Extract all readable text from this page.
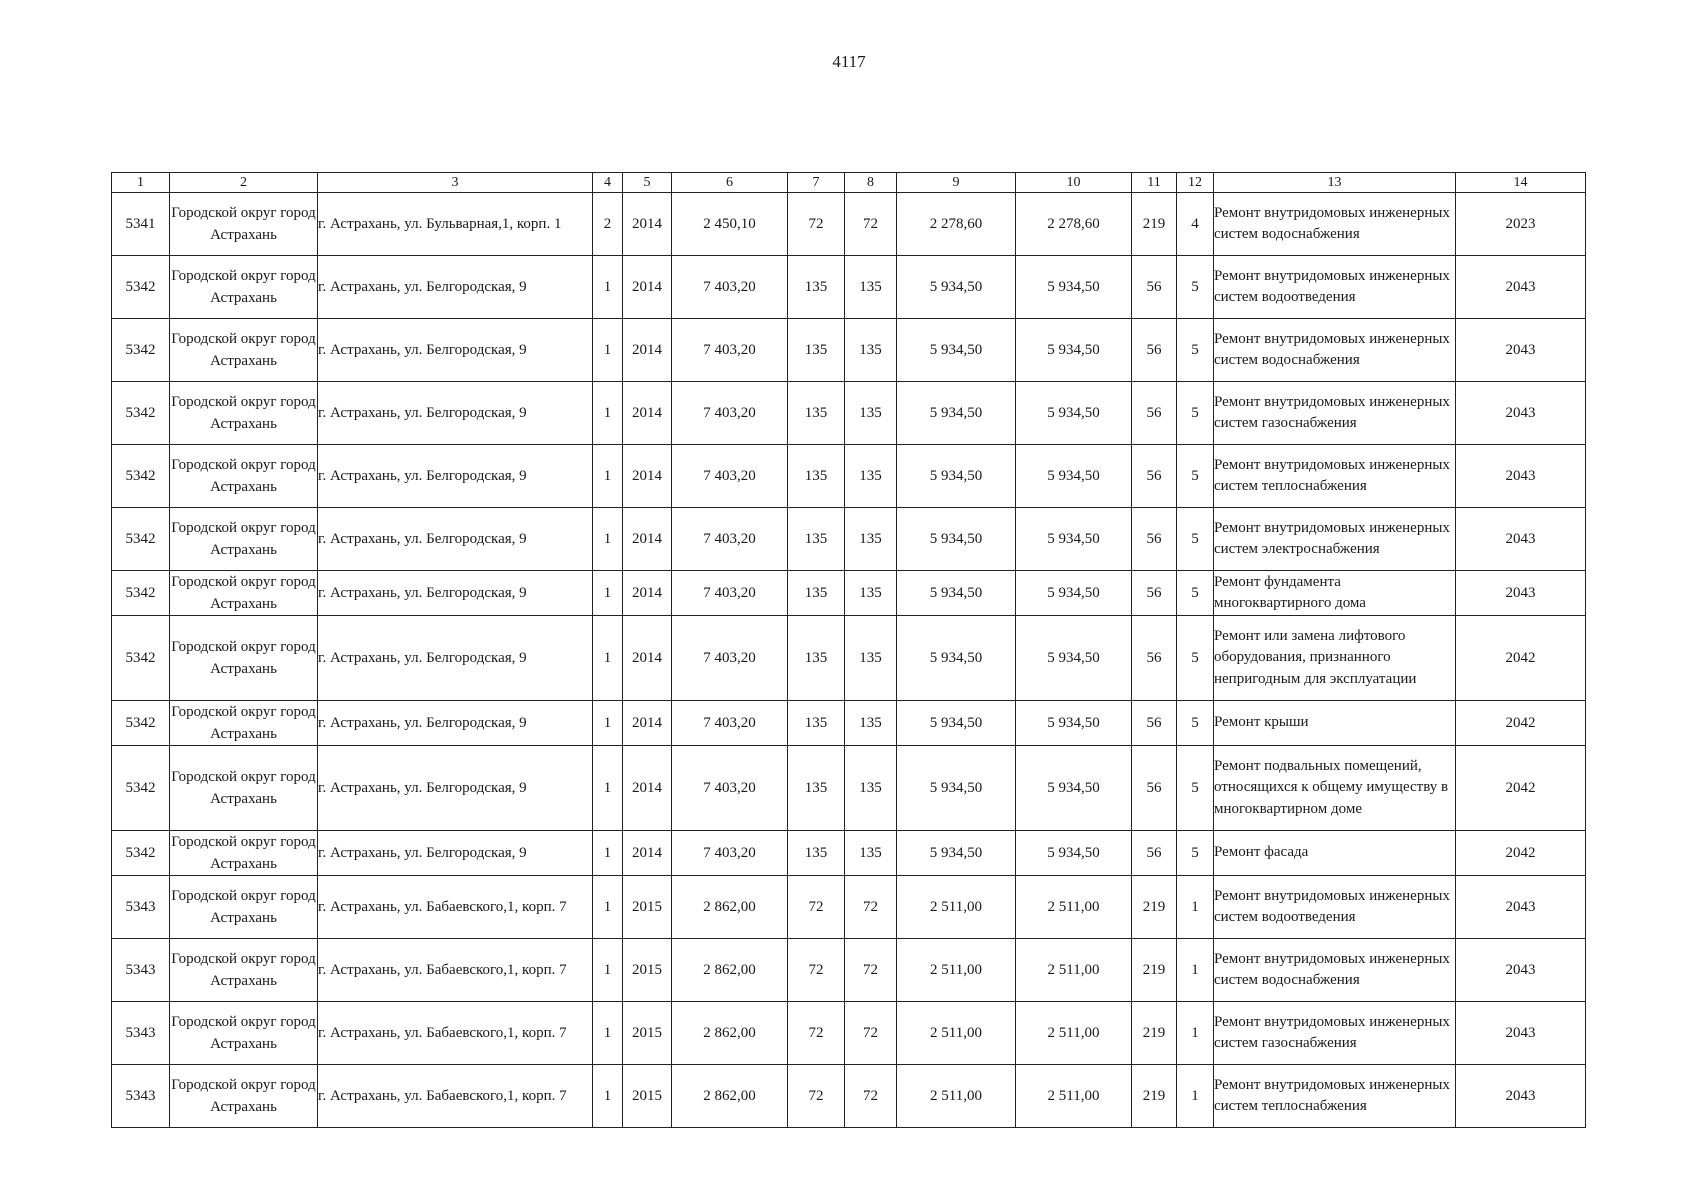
4117
1	2	3	4	5	6	7	8	9	10	11	12	13	14
5341	Городской округ город Астрахань	г. Астрахань, ул. Бульварная,1, корп. 1	2	2014	2 450,10	72	72	2 278,60	2 278,60	219	4	Ремонт внутридомовых инженерных систем водоснабжения	2023
5342	Городской округ город Астрахань	г. Астрахань, ул. Белгородская, 9	1	2014	7 403,20	135	135	5 934,50	5 934,50	56	5	Ремонт внутридомовых инженерных систем водоотведения	2043
5342	Городской округ город Астрахань	г. Астрахань, ул. Белгородская, 9	1	2014	7 403,20	135	135	5 934,50	5 934,50	56	5	Ремонт внутридомовых инженерных систем водоснабжения	2043
5342	Городской округ город Астрахань	г. Астрахань, ул. Белгородская, 9	1	2014	7 403,20	135	135	5 934,50	5 934,50	56	5	Ремонт внутридомовых инженерных систем газоснабжения	2043
5342	Городской округ город Астрахань	г. Астрахань, ул. Белгородская, 9	1	2014	7 403,20	135	135	5 934,50	5 934,50	56	5	Ремонт внутридомовых инженерных систем теплоснабжения	2043
5342	Городской округ город Астрахань	г. Астрахань, ул. Белгородская, 9	1	2014	7 403,20	135	135	5 934,50	5 934,50	56	5	Ремонт внутридомовых инженерных систем электроснабжения	2043
5342	Городской округ город Астрахань	г. Астрахань, ул. Белгородская, 9	1	2014	7 403,20	135	135	5 934,50	5 934,50	56	5	Ремонт фундамента многоквартирного дома	2043
5342	Городской округ город Астрахань	г. Астрахань, ул. Белгородская, 9	1	2014	7 403,20	135	135	5 934,50	5 934,50	56	5	Ремонт или замена лифтового оборудования, признанного непригодным для эксплуатации	2042
5342	Городской округ город Астрахань	г. Астрахань, ул. Белгородская, 9	1	2014	7 403,20	135	135	5 934,50	5 934,50	56	5	Ремонт крыши	2042
5342	Городской округ город Астрахань	г. Астрахань, ул. Белгородская, 9	1	2014	7 403,20	135	135	5 934,50	5 934,50	56	5	Ремонт подвальных помещений, относящихся к общему имуществу в многоквартирном доме	2042
5342	Городской округ город Астрахань	г. Астрахань, ул. Белгородская, 9	1	2014	7 403,20	135	135	5 934,50	5 934,50	56	5	Ремонт фасада	2042
5343	Городской округ город Астрахань	г. Астрахань, ул. Бабаевского,1, корп. 7	1	2015	2 862,00	72	72	2 511,00	2 511,00	219	1	Ремонт внутридомовых инженерных систем водоотведения	2043
5343	Городской округ город Астрахань	г. Астрахань, ул. Бабаевского,1, корп. 7	1	2015	2 862,00	72	72	2 511,00	2 511,00	219	1	Ремонт внутридомовых инженерных систем водоснабжения	2043
5343	Городской округ город Астрахань	г. Астрахань, ул. Бабаевского,1, корп. 7	1	2015	2 862,00	72	72	2 511,00	2 511,00	219	1	Ремонт внутридомовых инженерных систем газоснабжения	2043
5343	Городской округ город Астрахань	г. Астрахань, ул. Бабаевского,1, корп. 7	1	2015	2 862,00	72	72	2 511,00	2 511,00	219	1	Ремонт внутридомовых инженерных систем теплоснабжения	2043
